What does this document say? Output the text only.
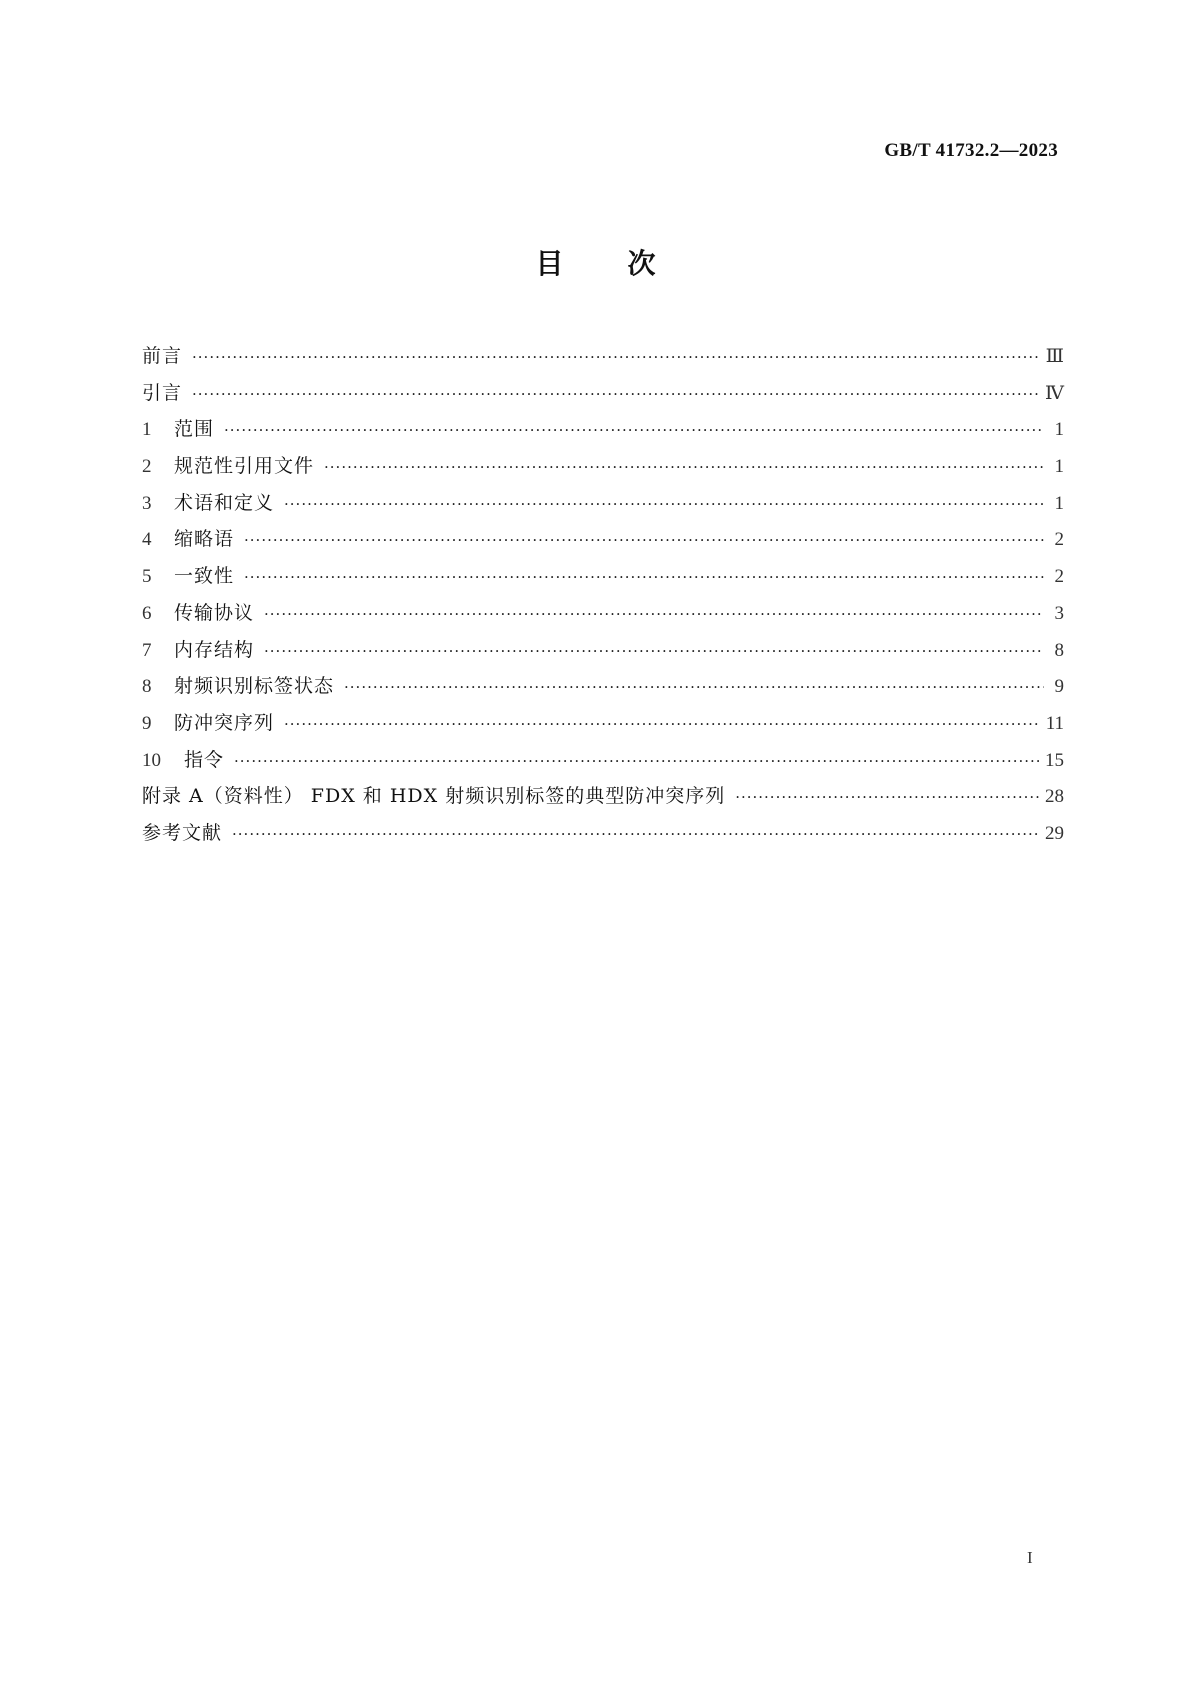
GB/T 41732.2—2023
目 次
前言 ·····	Ⅲ
引言 ·····	Ⅳ
1	范围 ·····	1
2	规范性引用文件 ·····	1
3	术语和定义 ·····	1
4	缩略语 ·····	2
5	一致性 ·····	2
6	传输协议 ·····	3
7	内存结构 ·····	8
8	射频识别标签状态 ·····	9
9	防冲突序列 ·····	11
10	指令 ·····	15
附录 A（资料性） FDX 和 HDX 射频识别标签的典型防冲突序列 ·····	28
参考文献 ·····	29
I
